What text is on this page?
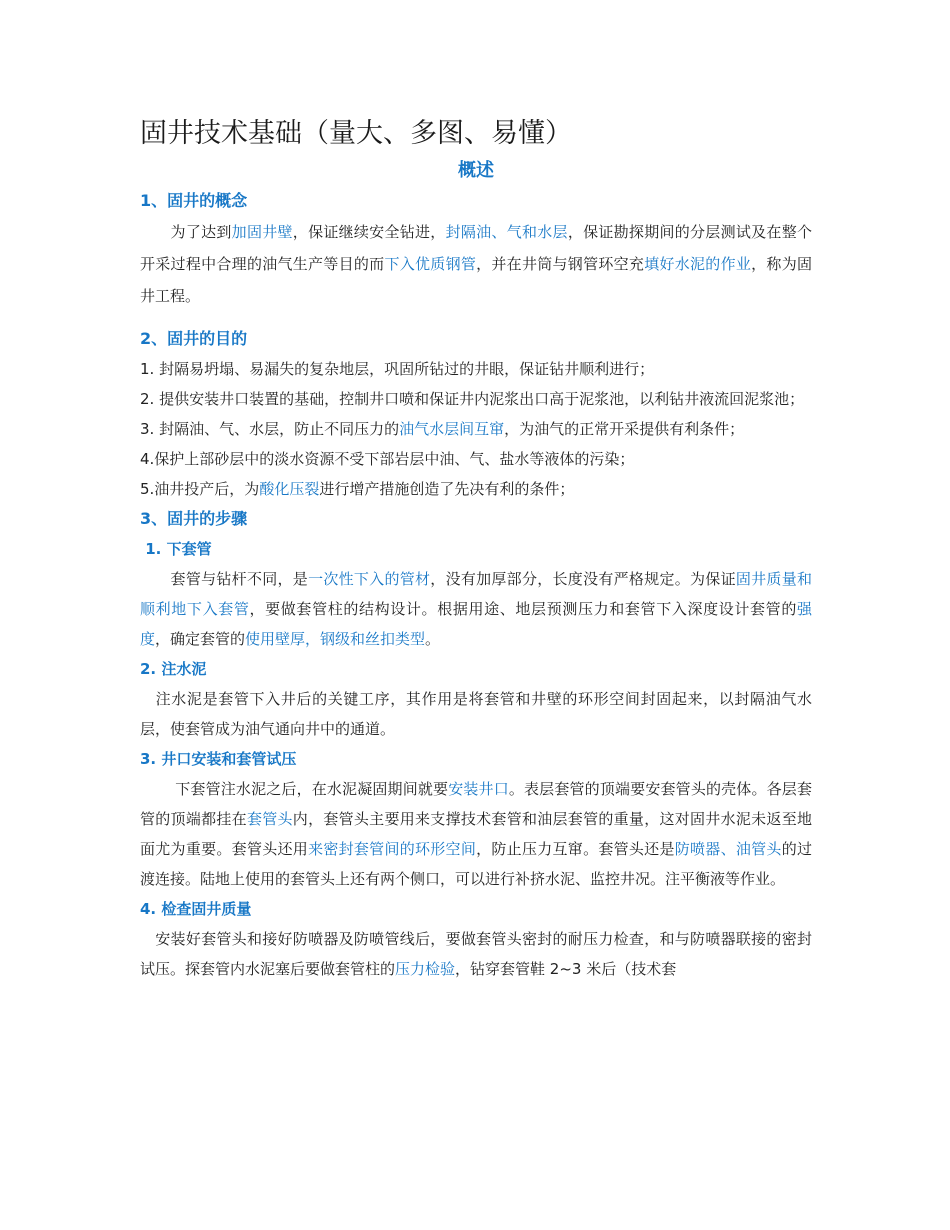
固井技术基础（量大、多图、易懂）
概述
1、固井的概念
　　为了达到加固井壁，保证继续安全钻进，封隔油、气和水层，保证勘探期间的分层测试及在整个开采过程中合理的油气生产等目的而下入优质钢管，并在井筒与钢管环空充填好水泥的作业，称为固井工程。
2、固井的目的
1. 封隔易坍塌、易漏失的复杂地层，巩固所钻过的井眼，保证钻井顺利进行；
2. 提供安装井口装置的基础，控制井口喷和保证井内泥浆出口高于泥浆池，以利钻井液流回泥浆池；
3. 封隔油、气、水层，防止不同压力的油气水层间互窜，为油气的正常开采提供有利条件；
4.保护上部砂层中的淡水资源不受下部岩层中油、气、盐水等液体的污染；
5.油井投产后，为酸化压裂进行增产措施创造了先决有利的条件；
3、固井的步骤
1. 下套管
　　套管与钻杆不同，是一次性下入的管材，没有加厚部分，长度没有严格规定。为保证固井质量和顺利地下入套管，要做套管柱的结构设计。根据用途、地层预测压力和套管下入深度设计套管的强度，确定套管的使用壁厚，钢级和丝扣类型。
2. 注水泥
　注水泥是套管下入井后的关键工序，其作用是将套管和井壁的环形空间封固起来，以封隔油气水层，使套管成为油气通向井中的通道。
3. 井口安装和套管试压
　　 下套管注水泥之后，在水泥凝固期间就要安装井口。表层套管的顶端要安套管头的壳体。各层套管的顶端都挂在套管头内，套管头主要用来支撑技术套管和油层套管的重量，这对固井水泥未返至地面尤为重要。套管头还用来密封套管间的环形空间，防止压力互窜。套管头还是防喷器、油管头的过渡连接。陆地上使用的套管头上还有两个侧口，可以进行补挤水泥、监控井况。注平衡液等作业。
4. 检查固井质量
　安装好套管头和接好防喷器及防喷管线后，要做套管头密封的耐压力检查，和与防喷器联接的密封试压。探套管内水泥塞后要做套管柱的压力检验，钻穿套管鞋 2~3 米后（技术套
